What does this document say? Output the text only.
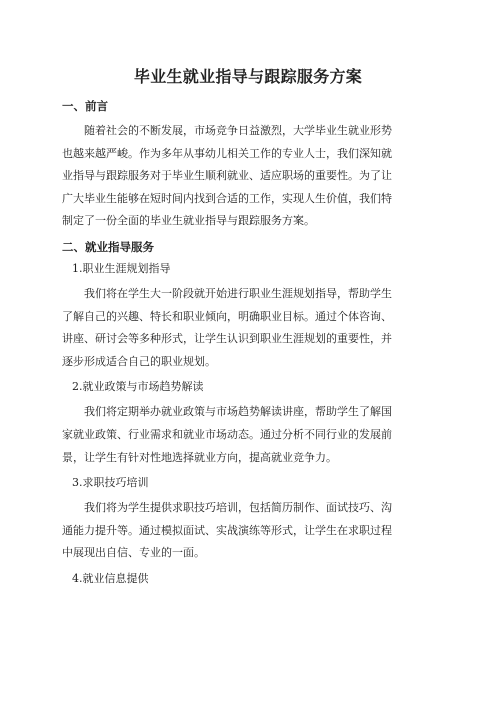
毕业生就业指导与跟踪服务方案
一、前言
随着社会的不断发展，市场竞争日益激烈，大学毕业生就业形势
也越来越严峻。作为多年从事幼儿相关工作的专业人士，我们深知就
业指导与跟踪服务对于毕业生顺利就业、适应职场的重要性。为了让
广大毕业生能够在短时间内找到合适的工作，实现人生价值，我们特
制定了一份全面的毕业生就业指导与跟踪服务方案。
二、就业指导服务
1.职业生涯规划指导
我们将在学生大一阶段就开始进行职业生涯规划指导，帮助学生
了解自己的兴趣、特长和职业倾向，明确职业目标。通过个体咨询、
讲座、研讨会等多种形式，让学生认识到职业生涯规划的重要性，并
逐步形成适合自己的职业规划。
2.就业政策与市场趋势解读
我们将定期举办就业政策与市场趋势解读讲座，帮助学生了解国
家就业政策、行业需求和就业市场动态。通过分析不同行业的发展前
景，让学生有针对性地选择就业方向，提高就业竞争力。
3.求职技巧培训
我们将为学生提供求职技巧培训，包括简历制作、面试技巧、沟
通能力提升等。通过模拟面试、实战演练等形式，让学生在求职过程
中展现出自信、专业的一面。
4.就业信息提供
